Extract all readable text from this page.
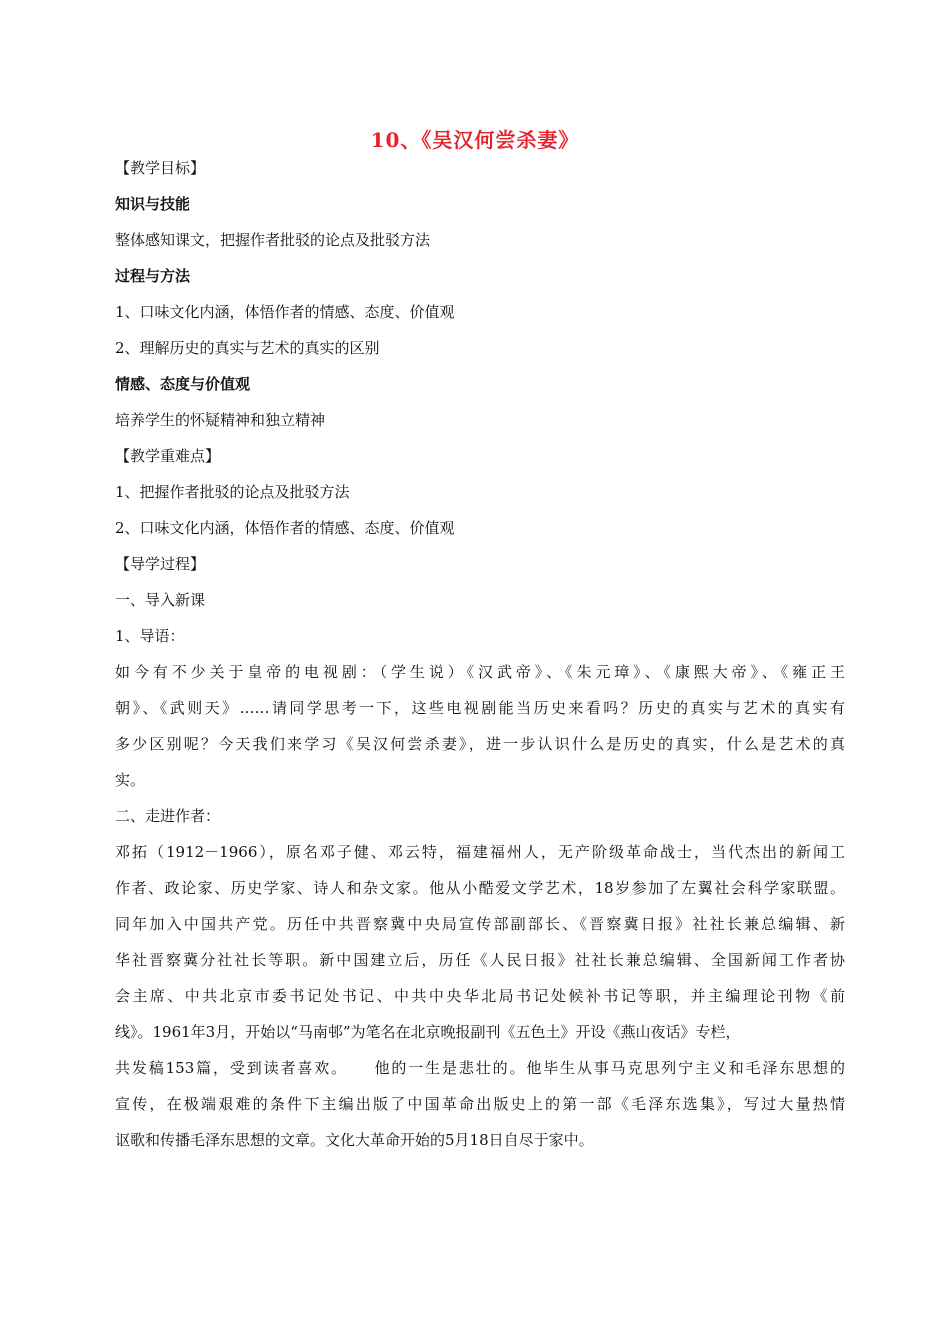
10、《吴汉何尝杀妻》
【教学目标】
知识与技能
整体感知课文，把握作者批驳的论点及批驳方法
过程与方法
1、口味文化内涵，体悟作者的情感、态度、价值观
2、理解历史的真实与艺术的真实的区别
情感、态度与价值观
培养学生的怀疑精神和独立精神
【教学重难点】
1、把握作者批驳的论点及批驳方法
2、口味文化内涵，体悟作者的情感、态度、价值观
【导学过程】
一、导入新课
1、导语：
如今有不少关于皇帝的电视剧：（学生说）《汉武帝》、《朱元璋》、《康熙大帝》、《雍正王
朝》、《武则天》……请同学思考一下，这些电视剧能当历史来看吗？历史的真实与艺术的真实有
多少区别呢？今天我们来学习《吴汉何尝杀妻》，进一步认识什么是历史的真实，什么是艺术的真
实。
二、走进作者：
邓拓（1912－1966），原名邓子健、邓云特，福建福州人，无产阶级革命战士，当代杰出的新闻工
作者、政论家、历史学家、诗人和杂文家。他从小酷爱文学艺术，18岁参加了左翼社会科学家联盟。
同年加入中国共产党。历任中共晋察冀中央局宣传部副部长、《晋察冀日报》社社长兼总编辑、新
华社晋察冀分社社长等职。新中国建立后，历任《人民日报》社社长兼总编辑、全国新闻工作者协
会主席、中共北京市委书记处书记、中共中央华北局书记处候补书记等职，并主编理论刊物《前
线》。1961年3月，开始以“马南邨”为笔名在北京晚报副刊《五色土》开设《燕山夜话》专栏，
共发稿153篇，受到读者喜欢。    他的一生是悲壮的。他毕生从事马克思列宁主义和毛泽东思想的
宣传，在极端艰难的条件下主编出版了中国革命出版史上的第一部《毛泽东选集》，写过大量热情
讴歌和传播毛泽东思想的文章。文化大革命开始的5月18日自尽于家中。
